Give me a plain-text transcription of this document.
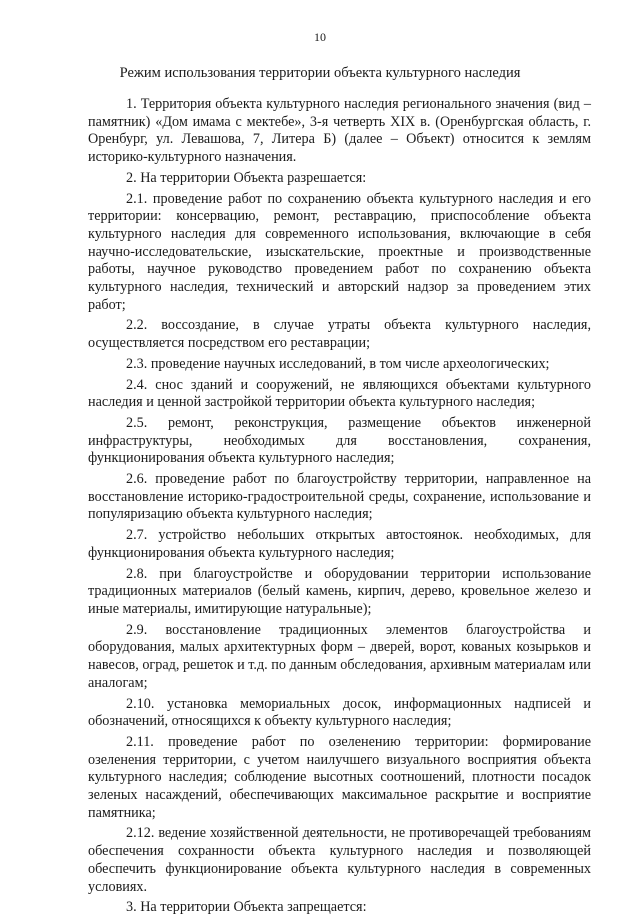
10
Режим использования территории объекта культурного наследия

1. Территория объекта культурного наследия регионального значения (вид – памятник) «Дом имама с мектебе», 3-я четверть XIX в. (Оренбургская область, г. Оренбург, ул. Левашова, 7, Литера Б) (далее – Объект) относится к землям историко-культурного назначения.

2. На территории Объекта разрешается:

2.1. проведение работ по сохранению объекта культурного наследия и его территории: консервацию, ремонт, реставрацию, приспособление объекта культурного наследия для современного использования, включающие в себя научно-исследовательские, изыскательские, проектные и производственные работы, научное руководство проведением работ по сохранению объекта культурного наследия, технический и авторский надзор за проведением этих работ;

2.2. воссоздание, в случае утраты объекта культурного наследия, осуществляется посредством его реставрации;

2.3. проведение научных исследований, в том числе археологических;

2.4. снос зданий и сооружений, не являющихся объектами культурного наследия и ценной застройкой территории объекта культурного наследия;

2.5. ремонт, реконструкция, размещение объектов инженерной инфраструктуры, необходимых для восстановления, сохранения, функционирования объекта культурного наследия;

2.6. проведение работ по благоустройству территории, направленное на восстановление историко-градостроительной среды, сохранение, использование и популяризацию объекта культурного наследия;

2.7. устройство небольших открытых автостоянок. необходимых, для функционирования объекта культурного наследия;

2.8. при благоустройстве и оборудовании территории использование традиционных материалов (белый камень, кирпич, дерево, кровельное железо и иные материалы, имитирующие натуральные);

2.9. восстановление традиционных элементов благоустройства и оборудования, малых архитектурных форм – дверей, ворот, кованых козырьков и навесов, оград, решеток и т.д. по данным обследования, архивным материалам или аналогам;

2.10. установка мемориальных досок, информационных надписей и обозначений, относящихся к объекту культурного наследия;

2.11. проведение работ по озеленению территории: формирование озеленения территории, с учетом наилучшего визуального восприятия объекта культурного наследия; соблюдение высотных соотношений, плотности посадок зеленых насаждений, обеспечивающих максимальное раскрытие и восприятие памятника;

2.12. ведение хозяйственной деятельности, не противоречащей требованиям обеспечения сохранности объекта культурного наследия и позволяющей обеспечить функционирование объекта культурного наследия в современных условиях.

3. На территории Объекта запрещается:
